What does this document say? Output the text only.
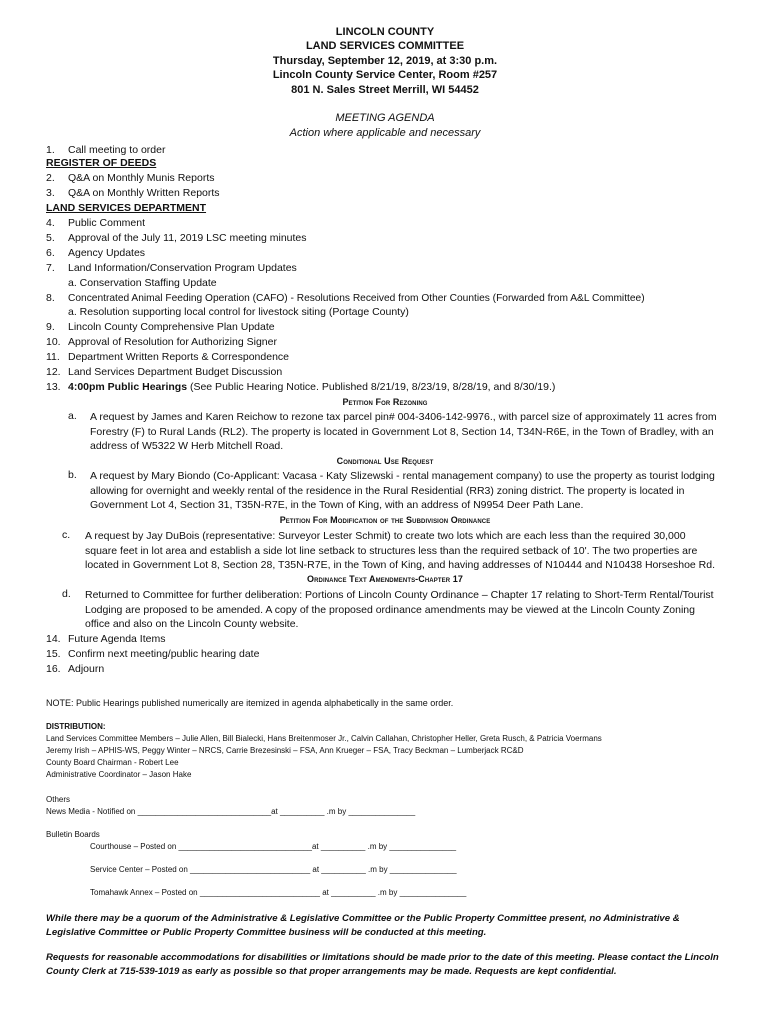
LINCOLN COUNTY
LAND SERVICES COMMITTEE
Thursday, September 12, 2019, at 3:30 p.m.
Lincoln County Service Center, Room #257
801 N. Sales Street Merrill, WI 54452
MEETING AGENDA
Action where applicable and necessary
1. Call meeting to order
REGISTER OF DEEDS
2. Q&A on Monthly Munis Reports
3. Q&A on Monthly Written Reports
LAND SERVICES DEPARTMENT
4. Public Comment
5. Approval of the July 11, 2019 LSC meeting minutes
6. Agency Updates
7. Land Information/Conservation Program Updates
a. Conservation Staffing Update
8. Concentrated Animal Feeding Operation (CAFO) - Resolutions Received from Other Counties (Forwarded from A&L Committee)
a. Resolution supporting local control for livestock siting (Portage County)
9. Lincoln County Comprehensive Plan Update
10. Approval of Resolution for Authorizing Signer
11. Department Written Reports & Correspondence
12. Land Services Department Budget Discussion
13. 4:00pm Public Hearings (See Public Hearing Notice. Published 8/21/19, 8/23/19, 8/28/19, and 8/30/19.)
Petition For Rezoning
a. A request by James and Karen Reichow to rezone tax parcel pin# 004-3406-142-9976., with parcel size of approximately 11 acres from Forestry (F) to Rural Lands (RL2). The property is located in Government Lot 8, Section 14, T34N-R6E, in the Town of Bradley, with an address of W5322 W Herb Mitchell Road.
Conditional Use Request
b. A request by Mary Biondo (Co-Applicant: Vacasa - Katy Slizewski - rental management company) to use the property as tourist lodging allowing for overnight and weekly rental of the residence in the Rural Residential (RR3) zoning district. The property is located in Government Lot 4, Section 31, T35N-R7E, in the Town of King, with an address of N9954 Deer Path Lane.
Petition For Modification of the Subdivision Ordinance
c. A request by Jay DuBois (representative: Surveyor Lester Schmit) to create two lots which are each less than the required 30,000 square feet in lot area and establish a side lot line setback to structures less than the required setback of 10'. The two properties are located in Government Lot 8, Section 28, T35N-R7E, in the Town of King, and having addresses of N10444 and N10438 Horseshoe Rd.
Ordinance Text Amendments-Chapter 17
d. Returned to Committee for further deliberation: Portions of Lincoln County Ordinance – Chapter 17 relating to Short-Term Rental/Tourist Lodging are proposed to be amended. A copy of the proposed ordinance amendments may be viewed at the Lincoln County Zoning office and also on the Lincoln County website.
14. Future Agenda Items
15. Confirm next meeting/public hearing date
16. Adjourn
NOTE: Public Hearings published numerically are itemized in agenda alphabetically in the same order.
DISTRIBUTION:
Land Services Committee Members – Julie Allen, Bill Bialecki, Hans Breitenmoser Jr., Calvin Callahan, Christopher Heller, Greta Rusch, & Patricia Voermans
Jeremy Irish – APHIS-WS, Peggy Winter – NRCS, Carrie Brezesinski – FSA, Ann Krueger – FSA, Tracy Beckman – Lumberjack RC&D
County Board Chairman - Robert Lee
Administrative Coordinator – Jason Hake
Others
News Media - Notified on ______________________________at __________ .m by _______________
Bulletin Boards
Courthouse – Posted on ______________________________at __________ .m by _______________
Service Center – Posted on ___________________________ at __________ .m by _______________
Tomahawk Annex – Posted on ___________________________ at __________ .m by _______________
While there may be a quorum of the Administrative & Legislative Committee or the Public Property Committee present, no Administrative & Legislative Committee or Public Property Committee business will be conducted at this meeting.
Requests for reasonable accommodations for disabilities or limitations should be made prior to the date of this meeting. Please contact the Lincoln County Clerk at 715-539-1019 as early as possible so that proper arrangements may be made. Requests are kept confidential.
